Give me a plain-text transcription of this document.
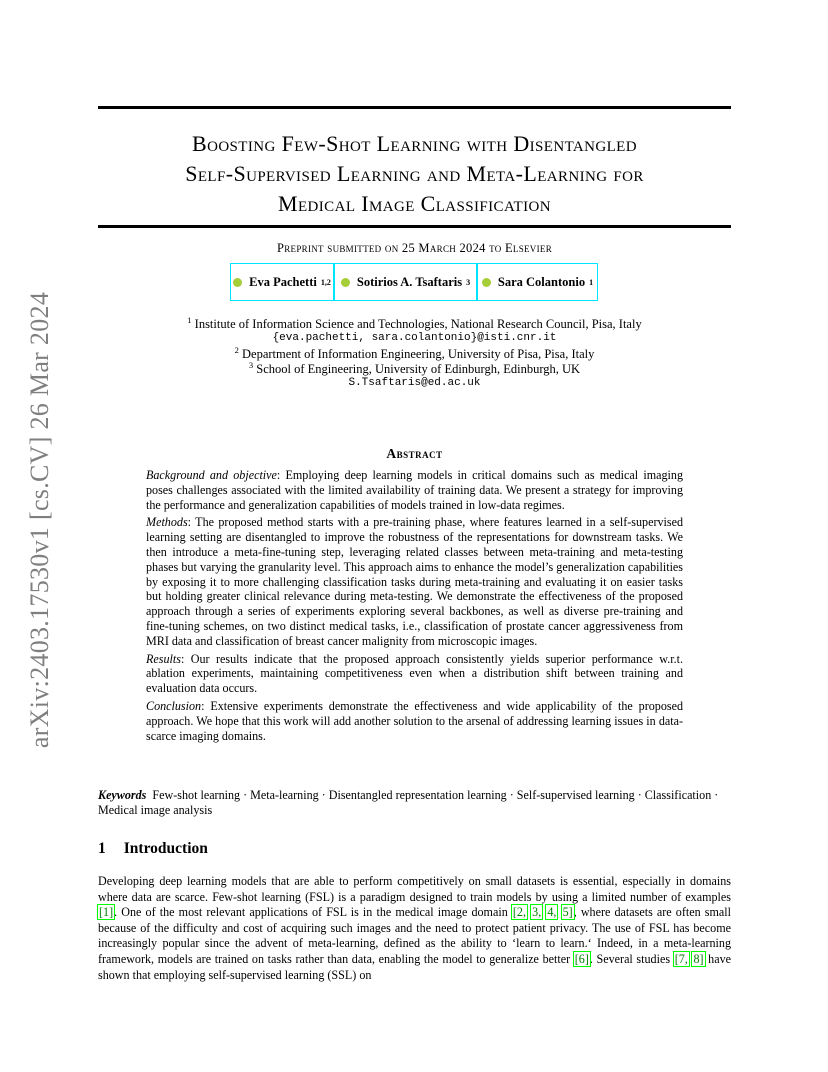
arXiv:2403.17530v1 [cs.CV] 26 Mar 2024
Boosting Few-Shot Learning with Disentangled
Self-Supervised Learning and Meta-Learning for
Medical Image Classification
Preprint submitted on 25 March 2024 to Elsevier
Eva Pachetti 1,2 Sotirios A. Tsaftaris 3 Sara Colantonio 1
$^1$ Institute of Information Science and Technologies, National Research Council, Pisa, Italy
{eva.pachetti, sara.colantonio}@isti.cnr.it
$^2$ Department of Information Engineering, University of Pisa, Pisa, Italy
$^3$ School of Engineering, University of Edinburgh, Edinburgh, UK
S.Tsaftaris@ed.ac.uk
Abstract

Background and objective: Employing deep learning models in critical domains such as medical imaging poses challenges associated with the limited availability of training data. We present a strategy for improving the performance and generalization capabilities of models trained in low-data regimes.

Methods: The proposed method starts with a pre-training phase, where features learned in a self-supervised learning setting are disentangled to improve the robustness of the representations for downstream tasks. We then introduce a meta-fine-tuning step, leveraging related classes between meta-training and meta-testing phases but varying the granularity level. This approach aims to enhance the model’s generalization capabilities by exposing it to more challenging classification tasks during meta-training and evaluating it on easier tasks but holding greater clinical relevance during meta-testing. We demonstrate the effectiveness of the proposed approach through a series of experiments exploring several backbones, as well as diverse pre-training and fine-tuning schemes, on two distinct medical tasks, i.e., classification of prostate cancer aggressiveness from MRI data and classification of breast cancer malignity from microscopic images.

Results: Our results indicate that the proposed approach consistently yields superior performance w.r.t. ablation experiments, maintaining competitiveness even when a distribution shift between training and evaluation data occurs.

Conclusion: Extensive experiments demonstrate the effectiveness and wide applicability of the proposed approach. We hope that this work will add another solution to the arsenal of addressing learning issues in data-scarce imaging domains.

Keywords Few-shot learning · Meta-learning · Disentangled representation learning · Self-supervised learning · Classification · Medical image analysis
1 Introduction

Developing deep learning models that are able to perform competitively on small datasets is essential, especially in domains where data are scarce. Few-shot learning (FSL) is a paradigm designed to train models by using a limited number of examples [1]. One of the most relevant applications of FSL is in the medical image domain [2, 3, 4, 5], where datasets are often small because of the difficulty and cost of acquiring such images and the need to protect patient privacy. The use of FSL has become increasingly popular since the advent of meta-learning, defined as the ability to ‘learn to learn.‘ Indeed, in a meta-learning framework, models are trained on tasks rather than data, enabling the model to generalize better [6]. Several studies [7, 8] have shown that employing self-supervised learning (SSL) on
